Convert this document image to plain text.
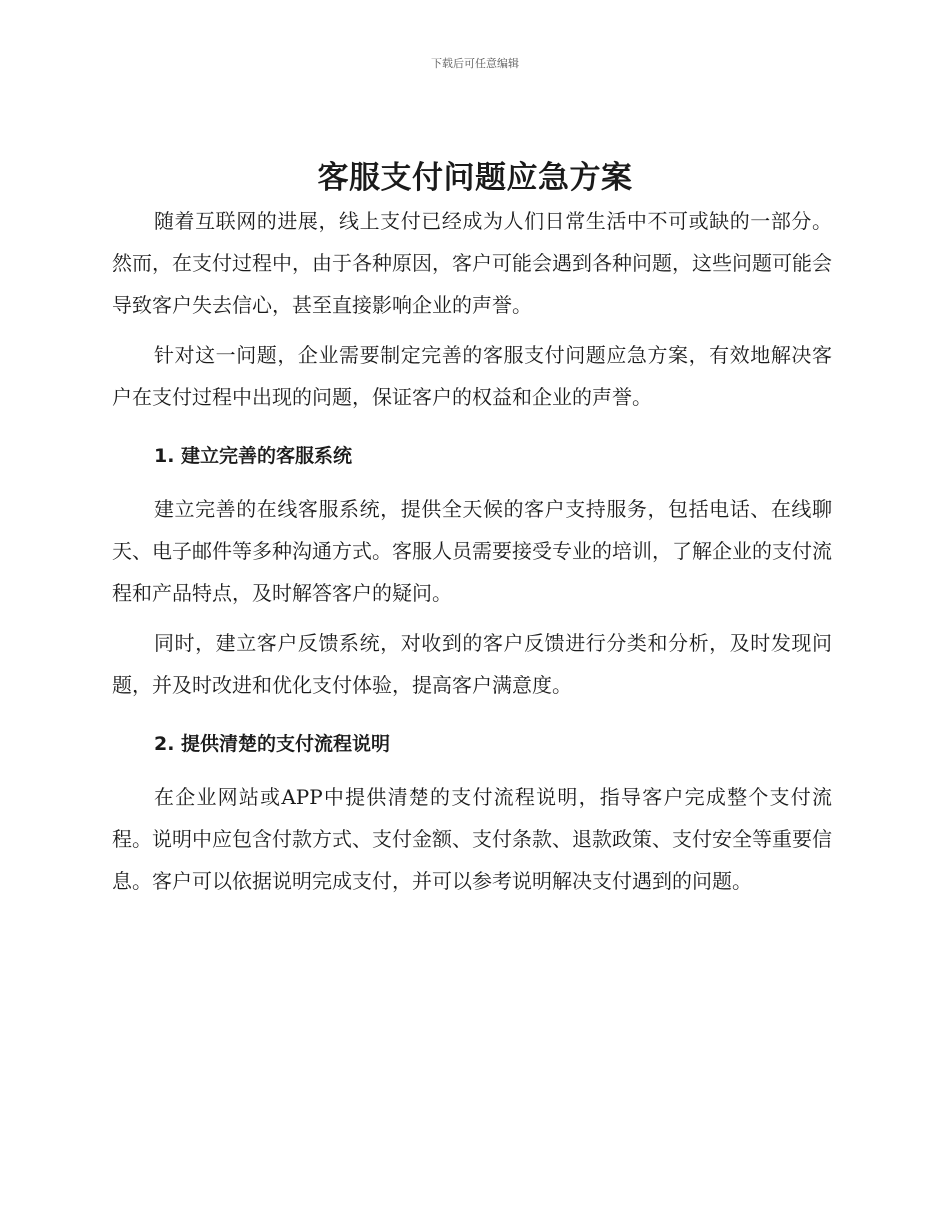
下载后可任意编辑
客服支付问题应急方案

随着互联网的进展，线上支付已经成为人们日常生活中不可或缺的一部分。然而，在支付过程中，由于各种原因，客户可能会遇到各种问题，这些问题可能会导致客户失去信心，甚至直接影响企业的声誉。

针对这一问题，企业需要制定完善的客服支付问题应急方案，有效地解决客户在支付过程中出现的问题，保证客户的权益和企业的声誉。

1. 建立完善的客服系统

建立完善的在线客服系统，提供全天候的客户支持服务，包括电话、在线聊天、电子邮件等多种沟通方式。客服人员需要接受专业的培训，了解企业的支付流程和产品特点，及时解答客户的疑问。

同时，建立客户反馈系统，对收到的客户反馈进行分类和分析，及时发现问题，并及时改进和优化支付体验，提高客户满意度。

2. 提供清楚的支付流程说明

在企业网站或APP中提供清楚的支付流程说明，指导客户完成整个支付流程。说明中应包含付款方式、支付金额、支付条款、退款政策、支付安全等重要信息。客户可以依据说明完成支付，并可以参考说明解决支付遇到的问题。
